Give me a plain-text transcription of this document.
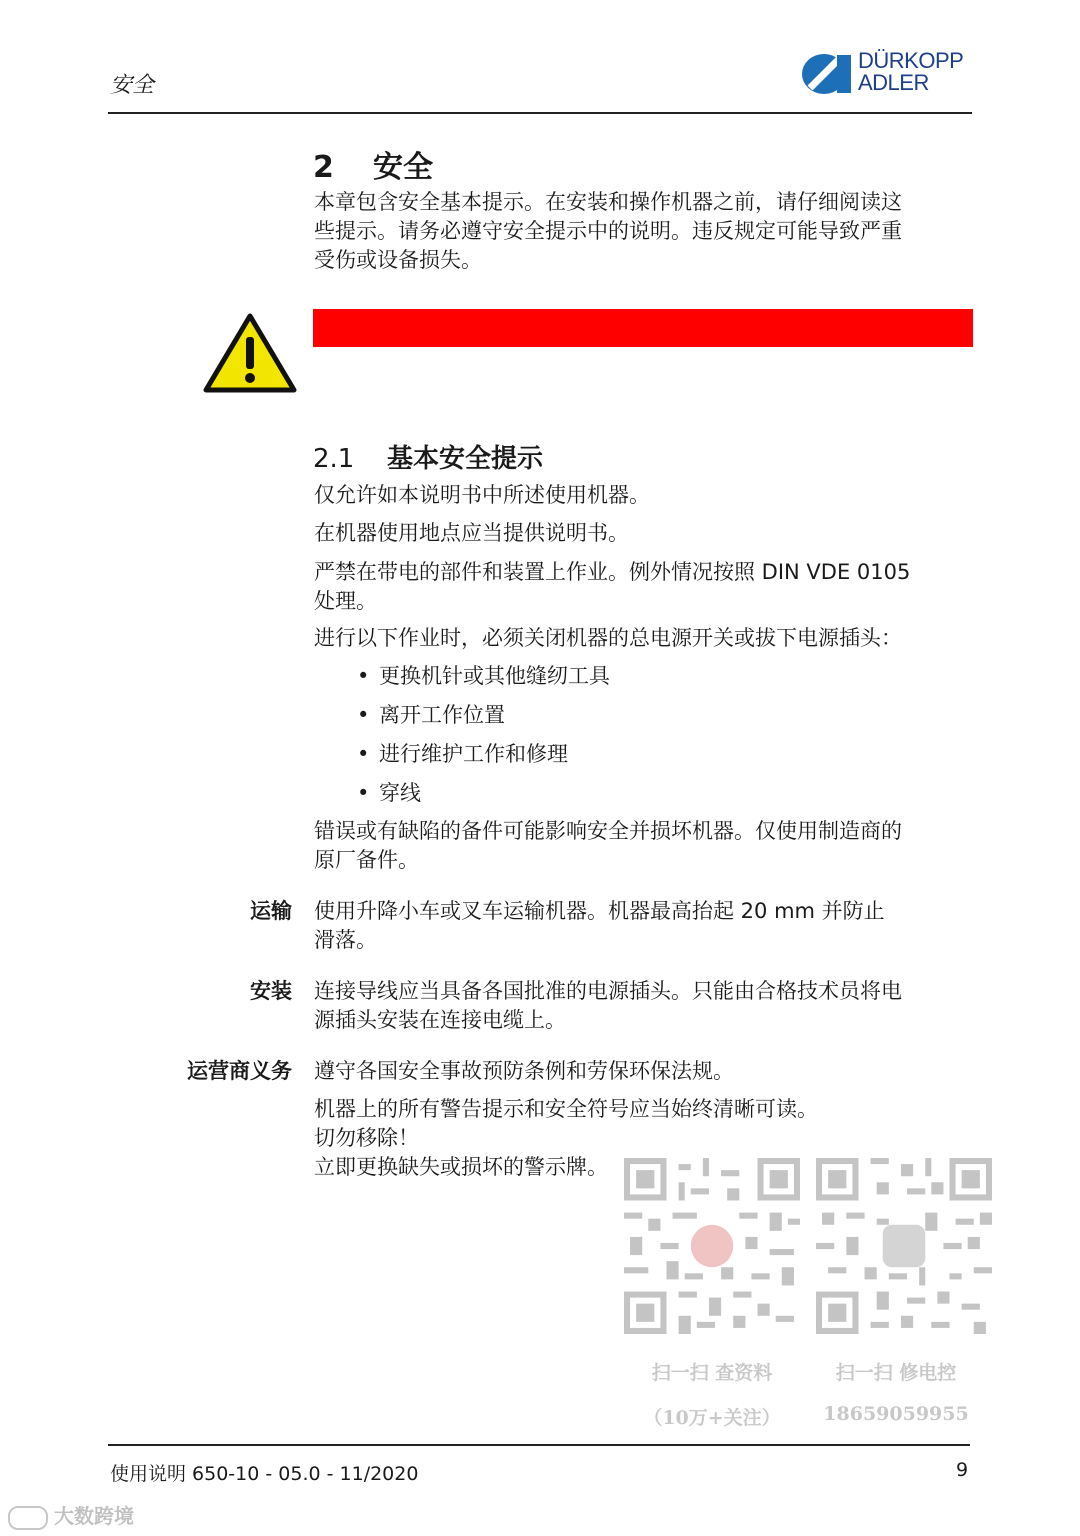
安全
DÜRKOPP
ADLER
2 安全
本章包含安全基本提示。在安装和操作机器之前，请仔细阅读这
些提示。请务必遵守安全提示中的说明。违反规定可能导致严重
受伤或设备损失。
2.1 基本安全提示
仅允许如本说明书中所述使用机器。
在机器使用地点应当提供说明书。
严禁在带电的部件和装置上作业。例外情况按照 DIN VDE 0105
处理。
进行以下作业时，必须关闭机器的总电源开关或拔下电源插头：
• 更换机针或其他缝纫工具
• 离开工作位置
• 进行维护工作和修理
• 穿线
错误或有缺陷的备件可能影响安全并损坏机器。仅使用制造商的
原厂备件。
运输 使用升降小车或叉车运输机器。机器最高抬起 20 mm 并防止
滑落。
安装 连接导线应当具备各国批准的电源插头。只能由合格技术员将电
源插头安装在连接电缆上。
运营商义务 遵守各国安全事故预防条例和劳保环保法规。
机器上的所有警告提示和安全符号应当始终清晰可读。
切勿移除！
立即更换缺失或损坏的警示牌。
扫一扫 查资料
（10万+关注）
扫一扫 修电控
18659059955
使用说明 650-10 - 05.0 - 11/2020	9
大数跨境
